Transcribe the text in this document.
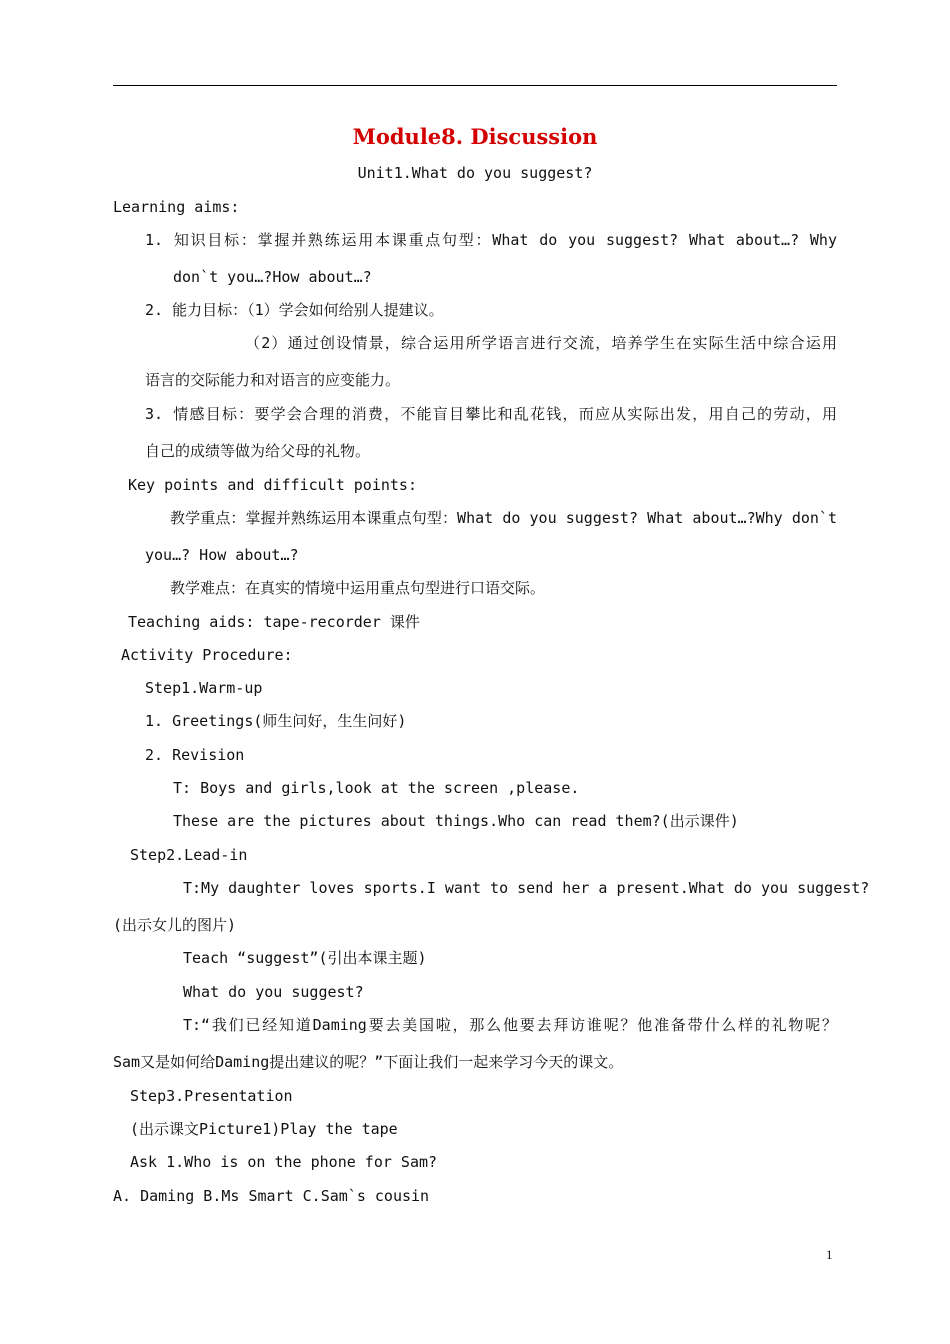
Module8. Discussion
Unit1.What do you suggest?
Learning aims:
1. 知识目标：掌握并熟练运用本课重点句型：What do you suggest? What about…? Why
don`t you…?How about…?
2. 能力目标：（1）学会如何给别人提建议。
（2）通过创设情景，综合运用所学语言进行交流，培养学生在实际生活中综合运用
语言的交际能力和对语言的应变能力。
3. 情感目标：要学会合理的消费，不能盲目攀比和乱花钱，而应从实际出发，用自己的劳动，用
自己的成绩等做为给父母的礼物。
Key points and difficult points:
教学重点：掌握并熟练运用本课重点句型：What do you suggest? What about…?Why don`t
you…? How about…?
教学难点：在真实的情境中运用重点句型进行口语交际。
Teaching aids: tape-recorder 课件
Activity Procedure:
Step1.Warm-up
1. Greetings(师生问好，生生问好)
2. Revision
T: Boys and girls,look at the screen ,please.
These are the pictures about things.Who can read them?(出示课件)
Step2.Lead-in
T:My daughter loves sports.I want to send her a present.What do you suggest?
(出示女儿的图片)
Teach “suggest”(引出本课主题)
What do you suggest?
T:“我们已经知道Daming要去美国啦，那么他要去拜访谁呢？他准备带什么样的礼物呢？
Sam又是如何给Daming提出建议的呢？”下面让我们一起来学习今天的课文。
Step3.Presentation
(出示课文Picture1)Play the tape
Ask 1.Who is on the phone for Sam?
A. Daming B.Ms Smart C.Sam`s cousin
1
